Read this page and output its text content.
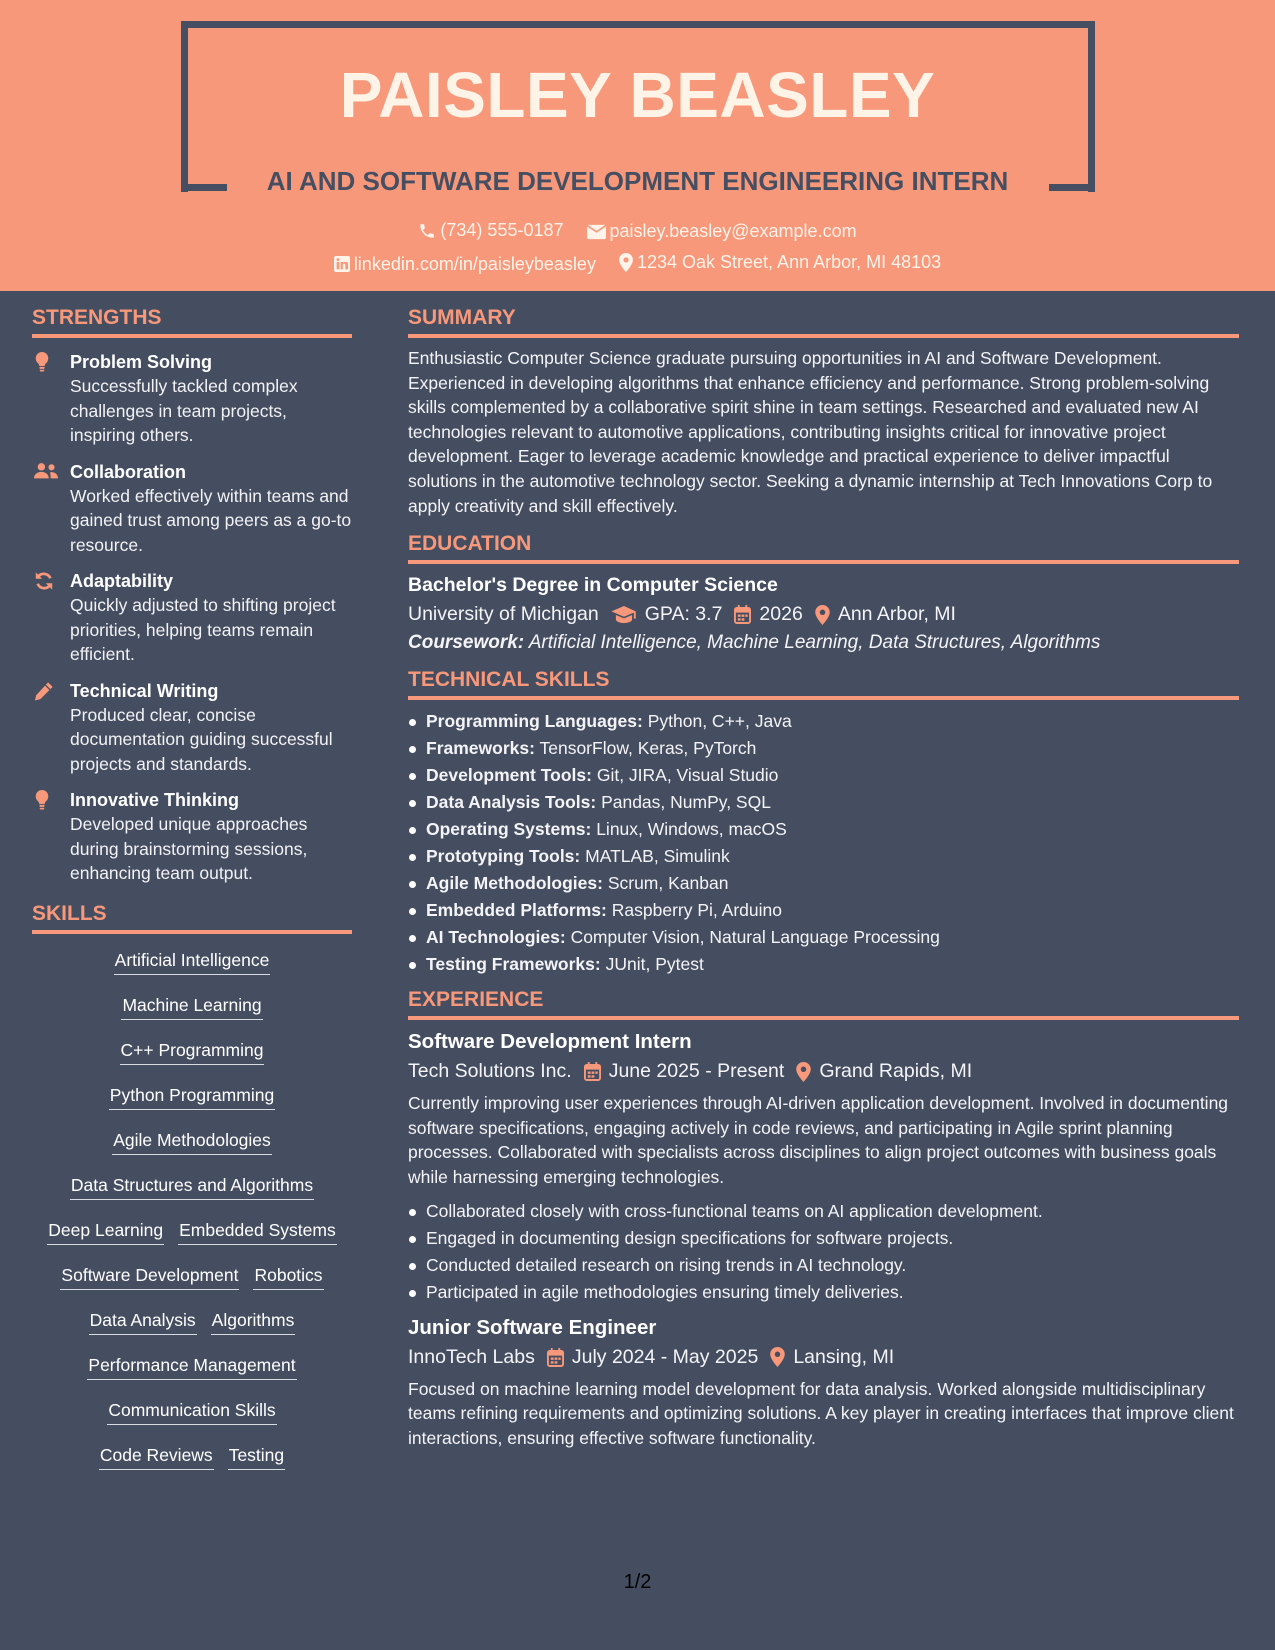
PAISLEY BEASLEY
AI AND SOFTWARE DEVELOPMENT ENGINEERING INTERN
(734) 555-0187
	paisley.beasley@example.com
linkedin.com/in/paisleybeasley
1234 Oak Street, Ann Arbor, MI 48103
STRENGTHS
Problem Solving
Successfully tackled complex challenges in team projects, inspiring others.
Collaboration
Worked effectively within teams and gained trust among peers as a go-to resource.
Adaptability
Quickly adjusted to shifting project priorities, helping teams remain efficient.
Technical Writing
Produced clear, concise documentation guiding successful projects and standards.
Innovative Thinking
Developed unique approaches during brainstorming sessions, enhancing team output.
SKILLS
Artificial Intelligence
Machine Learning
C++ Programming
Python Programming
Agile Methodologies
Data Structures and Algorithms
Deep Learning Embedded Systems
Software Development Robotics
Data Analysis Algorithms
Performance Management
Communication Skills
Code Reviews Testing
SUMMARY
Enthusiastic Computer Science graduate pursuing opportunities in AI and Software Development. Experienced in developing algorithms that enhance efficiency and performance. Strong problem-solving skills complemented by a collaborative spirit shine in team settings. Researched and evaluated new AI technologies relevant to automotive applications, contributing insights critical for innovative project development. Eager to leverage academic knowledge and practical experience to deliver impactful solutions in the automotive technology sector. Seeking a dynamic internship at Tech Innovations Corp to apply creativity and skill effectively.
EDUCATION
Bachelor's Degree in Computer Science
University of Michigan GPA: 3.7 2026 Ann Arbor, MI
Coursework: Artificial Intelligence, Machine Learning, Data Structures, Algorithms
TECHNICAL SKILLS
Programming Languages: Python, C++, Java
Frameworks: TensorFlow, Keras, PyTorch
Development Tools: Git, JIRA, Visual Studio
Data Analysis Tools: Pandas, NumPy, SQL
Operating Systems: Linux, Windows, macOS
Prototyping Tools: MATLAB, Simulink
Agile Methodologies: Scrum, Kanban
Embedded Platforms: Raspberry Pi, Arduino
AI Technologies: Computer Vision, Natural Language Processing
Testing Frameworks: JUnit, Pytest
EXPERIENCE
Software Development Intern
Tech Solutions Inc. June 2025 - Present Grand Rapids, MI
Currently improving user experiences through AI-driven application development. Involved in documenting software specifications, engaging actively in code reviews, and participating in Agile sprint planning processes. Collaborated with specialists across disciplines to align project outcomes with business goals while harnessing emerging technologies.
Collaborated closely with cross-functional teams on AI application development.
Engaged in documenting design specifications for software projects.
Conducted detailed research on rising trends in AI technology.
Participated in agile methodologies ensuring timely deliveries.
Junior Software Engineer
InnoTech Labs July 2024 - May 2025 Lansing, MI
Focused on machine learning model development for data analysis. Worked alongside multidisciplinary teams refining requirements and optimizing solutions. A key player in creating interfaces that improve client interactions, ensuring effective software functionality.
1/2
